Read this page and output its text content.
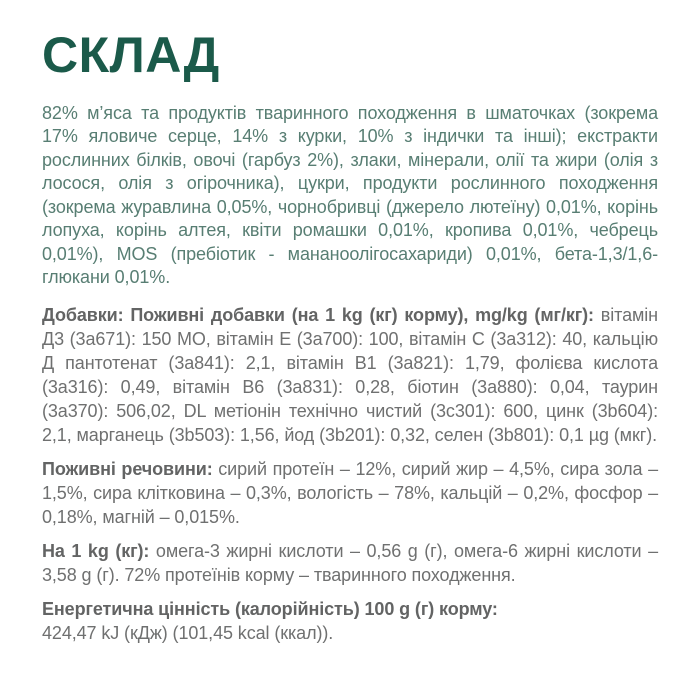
СКЛАД

82% м’яса та продуктів тваринного походження в шматочках (зокрема 17% яловиче серце, 14% з курки, 10% з індички та інші); екстракти рослинних білків, овочі (гарбуз 2%), злаки, мінерали, олії та жири (олія з лосося, олія з огірочника), цукри, продукти рослинного походження (зокрема журавлина 0,05%, чорнобривці (джерело лютеїну) 0,01%, корінь лопуха, корінь алтея, квіти ромашки 0,01%, кропива 0,01%, чебрець 0,01%), MOS (пребіотик - мананоолігосахариди) 0,01%, бета-1,3/1,6-глюкани 0,01%.

Добавки: Поживні добавки (на 1 kg (кг) корму), mg/kg (мг/кг): вітамін Д3 (3a671): 150 МО, вітамін Е (3a700): 100, вітамін С (3a312): 40, кальцію Д пантотенат (3a841): 2,1, вітамін В1 (3a821): 1,79, фолієва кислота (3a316): 0,49, вітамін В6 (3a831): 0,28, біотин (3a880): 0,04, таурин (3a370): 506,02, DL метіонін технічно чистий (3c301): 600, цинк (3b604): 2,1, марганець (3b503): 1,56, йод (3b201): 0,32, селен (3b801): 0,1 µg (мкг).

Поживні речовини: сирий протеїн – 12%, сирий жир – 4,5%, сира зола – 1,5%, сира клітковина – 0,3%, вологість – 78%, кальцій – 0,2%, фосфор – 0,18%, магній – 0,015%.

На 1 kg (кг): омега-3 жирні кислоти – 0,56 g (г), омега-6 жирні кислоти – 3,58 g (г). 72% протеїнів корму – тваринного походження.

Енергетична цінність (калорійність) 100 g (г) корму:
424,47 kJ (кДж) (101,45 kcal (ккал)).
